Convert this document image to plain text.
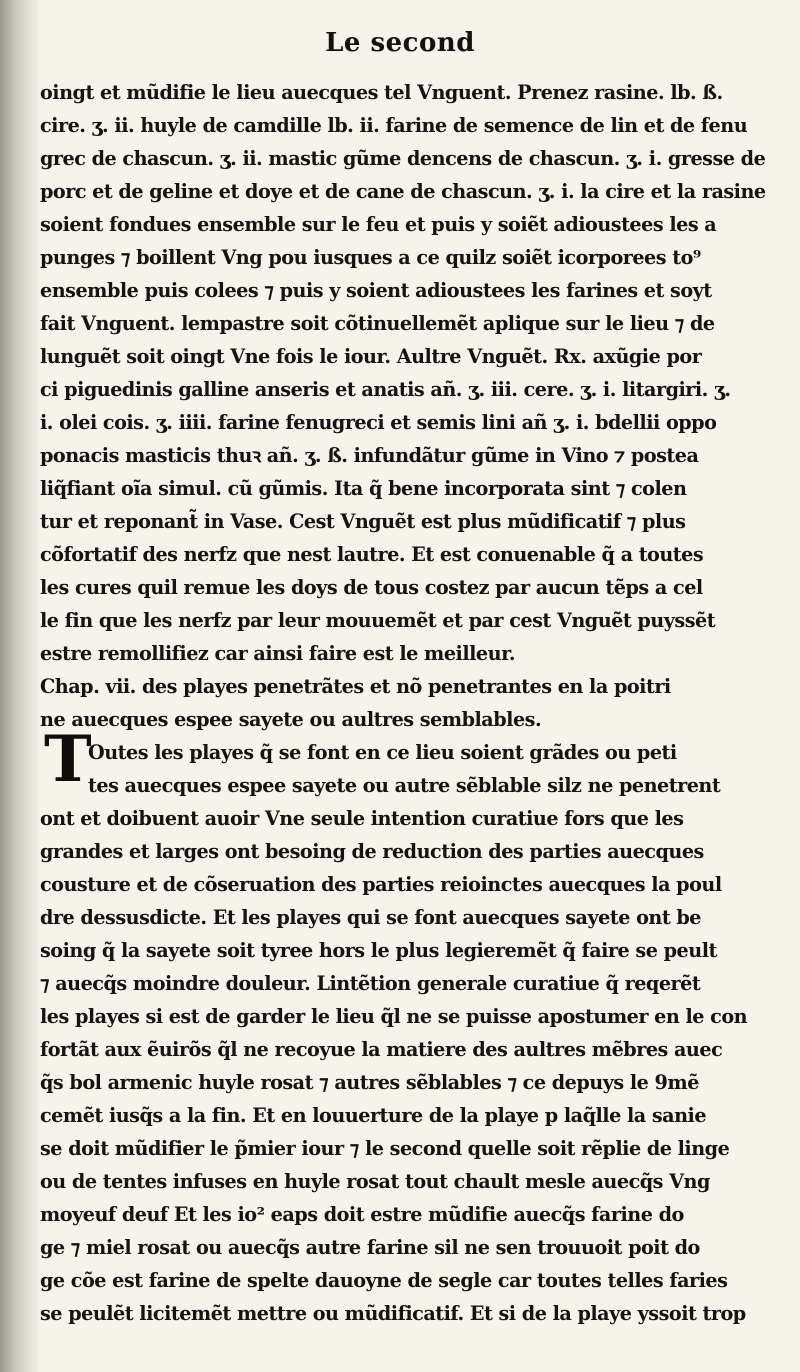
Le second
T
oingt et mũdifie le lieu auecques tel Vnguent. Prenez rasine. lb. ß.
cire. ʒ. ii. huyle de camdille lb. ii. farine de semence de lin et de fenu
grec de chascun. ʒ. ii. mastic gũme dencens de chascun. ʒ. i. gresse de
porc et de geline et doye et de cane de chascun. ʒ. i. la cire et la rasine
soient fondues ensemble sur le feu et puis y soiẽt adioustees les a
punges ⁊ boillent Vng pou iusques a ce quilz soiẽt icorporees to⁹
ensemble puis colees ⁊ puis y soient adioustees les farines et soyt
fait Vnguent. lempastre soit cõtinuellemẽt aplique sur le lieu ⁊ de
lunguẽt soit oingt Vne fois le iour. Aultre Vnguẽt. Rx. axũgie por
ci piguedinis galline anseris et anatis añ. ʒ. iii. cere. ʒ. i. litargiri. ʒ.
i. olei cois. ʒ. iiii. farine fenugreci et semis lini añ ʒ. i. bdellii oppo
ponacis masticis thuꝛ añ. ʒ. ß. infundãtur gũme in Vino ⁊ postea
liq̃fiant oĩa simul. cũ gũmis. Ita q̃ bene incorporata sint ⁊ colen
tur et reponant̃ in Vase. Cest Vnguẽt est plus mũdificatif ⁊ plus
cõfortatif des nerfz que nest lautre. Et est conuenable q̃ a toutes
les cures quil remue les doys de tous costez par aucun tẽps a cel
le fin que les nerfz par leur mouuemẽt et par cest Vnguẽt puyssẽt
estre remollifiez car ainsi faire est le meilleur.
Chap. vii. des playes penetrãtes et nõ penetrantes en la poitri
ne auecques espee sayete ou aultres semblables.
Outes les playes q̃ se font en ce lieu soient grãdes ou peti
tes auecques espee sayete ou autre sẽblable silz ne penetrent
ont et doibuent auoir Vne seule intention curatiue fors que les
grandes et larges ont besoing de reduction des parties auecques
cousture et de cõseruation des parties reioinctes auecques la poul
dre dessusdicte. Et les playes qui se font auecques sayete ont be
soing q̃ la sayete soit tyree hors le plus legieremẽt q̃ faire se peult
⁊ auecq̃s moindre douleur. Lintẽtion generale curatiue q̃ reqerẽt
les playes si est de garder le lieu q̃l ne se puisse apostumer en le con
fortãt aux ẽuirõs q̃l ne recoyue la matiere des aultres mẽbres auec
q̃s bol armenic huyle rosat ⁊ autres sẽblables ⁊ ce depuys le 9mẽ
cemẽt iusq̃s a la fin. Et en louuerture de la playe p laq̃lle la sanie
se doit mũdifier le p̃mier iour ⁊ le second quelle soit rẽplie de linge
ou de tentes infuses en huyle rosat tout chault mesle auecq̃s Vng
moyeuf deuf Et les io² eaps doit estre mũdifie auecq̃s farine do
ge ⁊ miel rosat ou auecq̃s autre farine sil ne sen trouuoit poit do
ge cõe est farine de spelte dauoyne de segle car toutes telles faries
se peulẽt licitemẽt mettre ou mũdificatif. Et si de la playe yssoit trop
